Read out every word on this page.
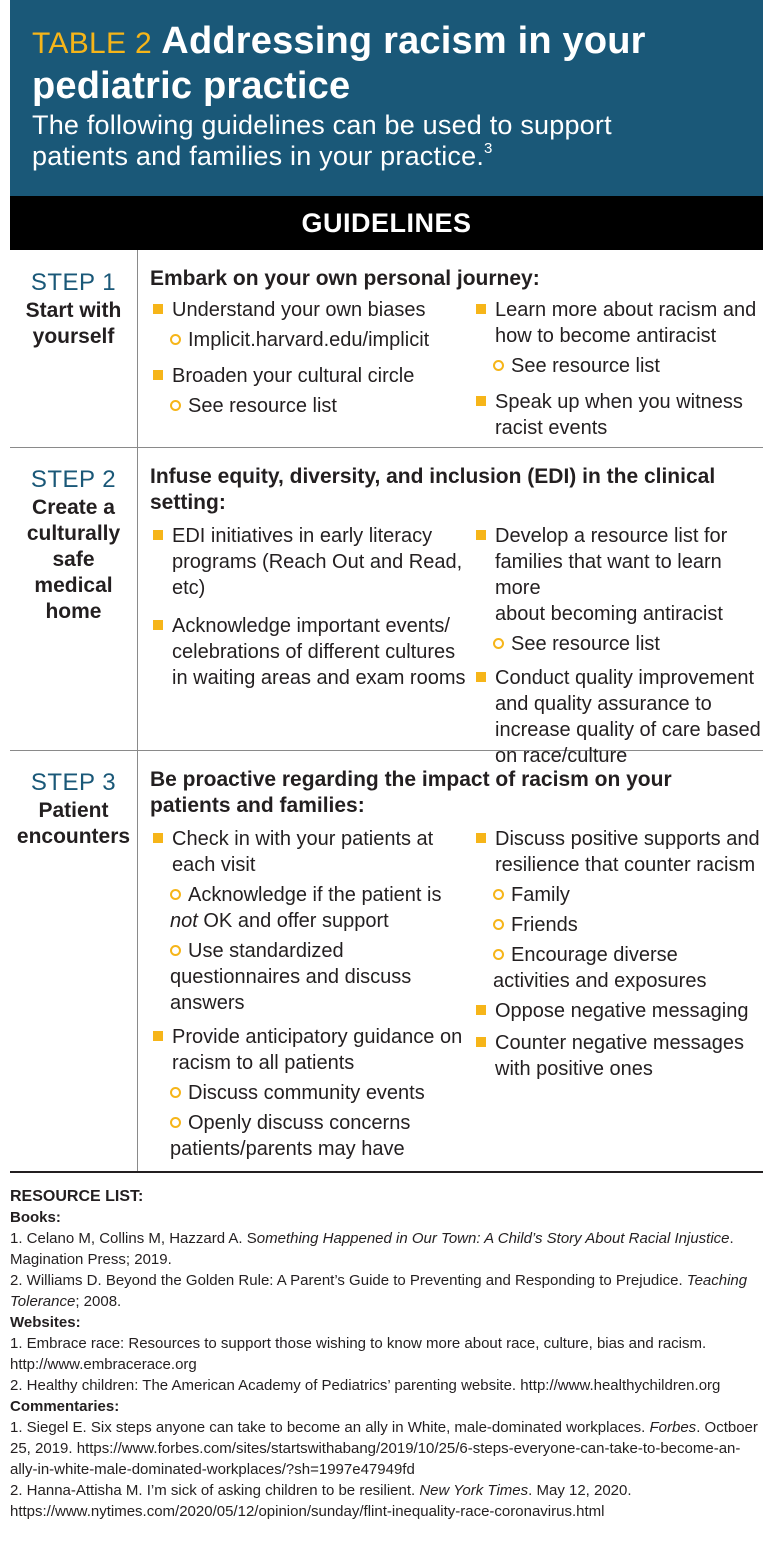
TABLE 2 Addressing racism in your
pediatric practice
The following guidelines can be used to support
patients and families in your practice.$^3$
GUIDELINES
RESOURCE LIST:
Books:
1. Celano M, Collins M, Hazzard A. Something Happened in Our Town: A Child’s Story About Racial Injustice. Magination Press; 2019.
2. Williams D. Beyond the Golden Rule: A Parent’s Guide to Preventing and Responding to Prejudice. Teaching Tolerance; 2008.
Websites:
1. Embrace race: Resources to support those wishing to know more about race, culture, bias and racism. http://www.embracerace.org
2. Healthy children: The American Academy of Pediatrics’ parenting website. http://www.healthychildren.org
Commentaries:
1. Siegel E. Six steps anyone can take to become an ally in White, male-dominated workplaces. Forbes. Octboer 25, 2019. https://www.forbes.com/sites/startswithabang/2019/10/25/6-steps-everyone-can-take-to-become-an-ally-in-white-male-dominated-workplaces/?sh=1997e47949fd
2. Hanna-Attisha M. I’m sick of asking children to be resilient. New York Times. May 12, 2020. https://www.nytimes.com/2020/05/12/opinion/sunday/flint-inequality-race-coronavirus.html
STEP 1
Start with
yourself
Embark on your own personal journey:
Understand your own biases
Implicit.harvard.edu/implicit
Broaden your cultural circle
See resource list
Learn more about racism and
how to become antiracist
See resource list
Speak up when you witness
racist events
STEP 2
Create a
culturally
safe
medical
home
Infuse equity, diversity, and inclusion (EDI) in the clinical
setting:
EDI initiatives in early literacy
programs (Reach Out and Read,
etc)
Acknowledge important events/
celebrations of different cultures
in waiting areas and exam rooms
Develop a resource list for
families that want to learn more
about becoming antiracist
See resource list
Conduct quality improvement
and quality assurance to
increase quality of care based
on race/culture
STEP 3
Patient
encounters
Be proactive regarding the impact of racism on your
patients and families:
Check in with your patients at
each visit
Acknowledge if the patient is
not OK and offer support
Use standardized
questionnaires and discuss
answers
Provide anticipatory guidance on
racism to all patients
Discuss community events
Openly discuss concerns
patients/parents may have
Discuss positive supports and
resilience that counter racism
Family
Friends
Encourage diverse
activities and exposures
Oppose negative messaging
Counter negative messages
with positive ones
